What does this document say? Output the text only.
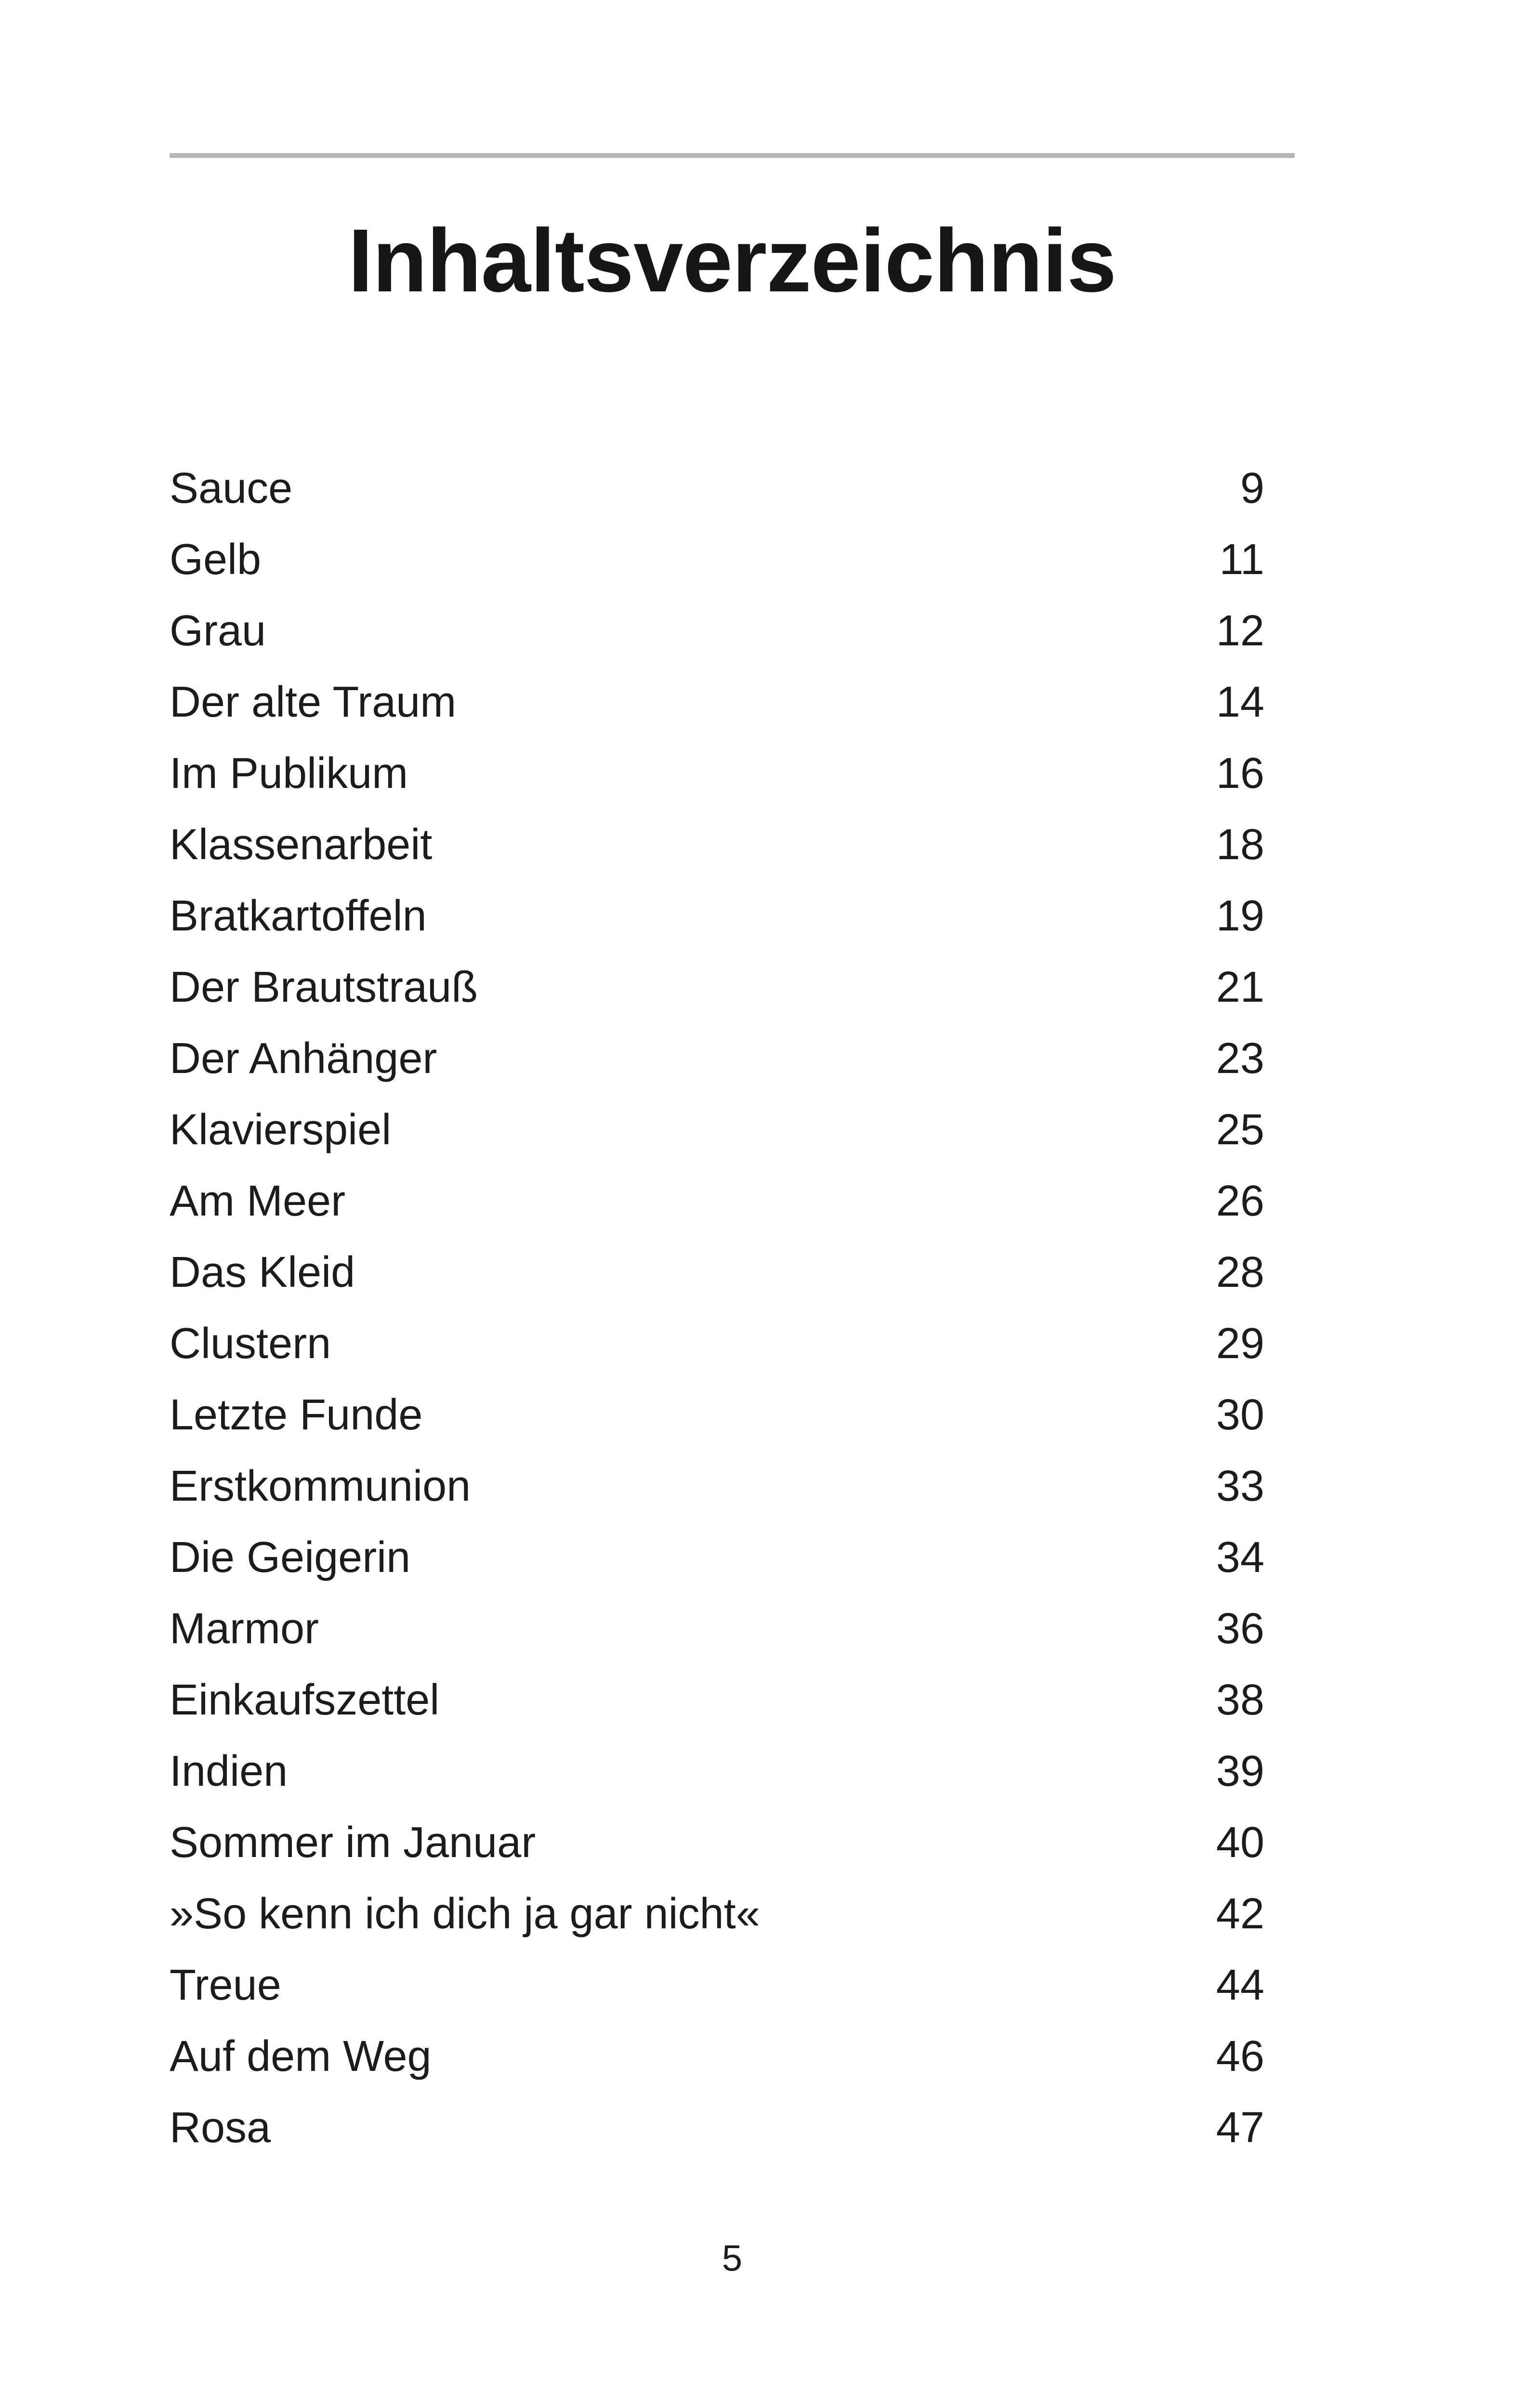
Inhaltsverzeichnis
Sauce	9
Gelb	11
Grau	12
Der alte Traum	14
Im Publikum	16
Klassenarbeit	18
Bratkartoffeln	19
Der Brautstrauß	21
Der Anhänger	23
Klavierspiel	25
Am Meer	26
Das Kleid	28
Clustern	29
Letzte Funde	30
Erstkommunion	33
Die Geigerin	34
Marmor	36
Einkaufszettel	38
Indien	39
Sommer im Januar	40
»So kenn ich dich ja gar nicht«	42
Treue	44
Auf dem Weg	46
Rosa	47
5
